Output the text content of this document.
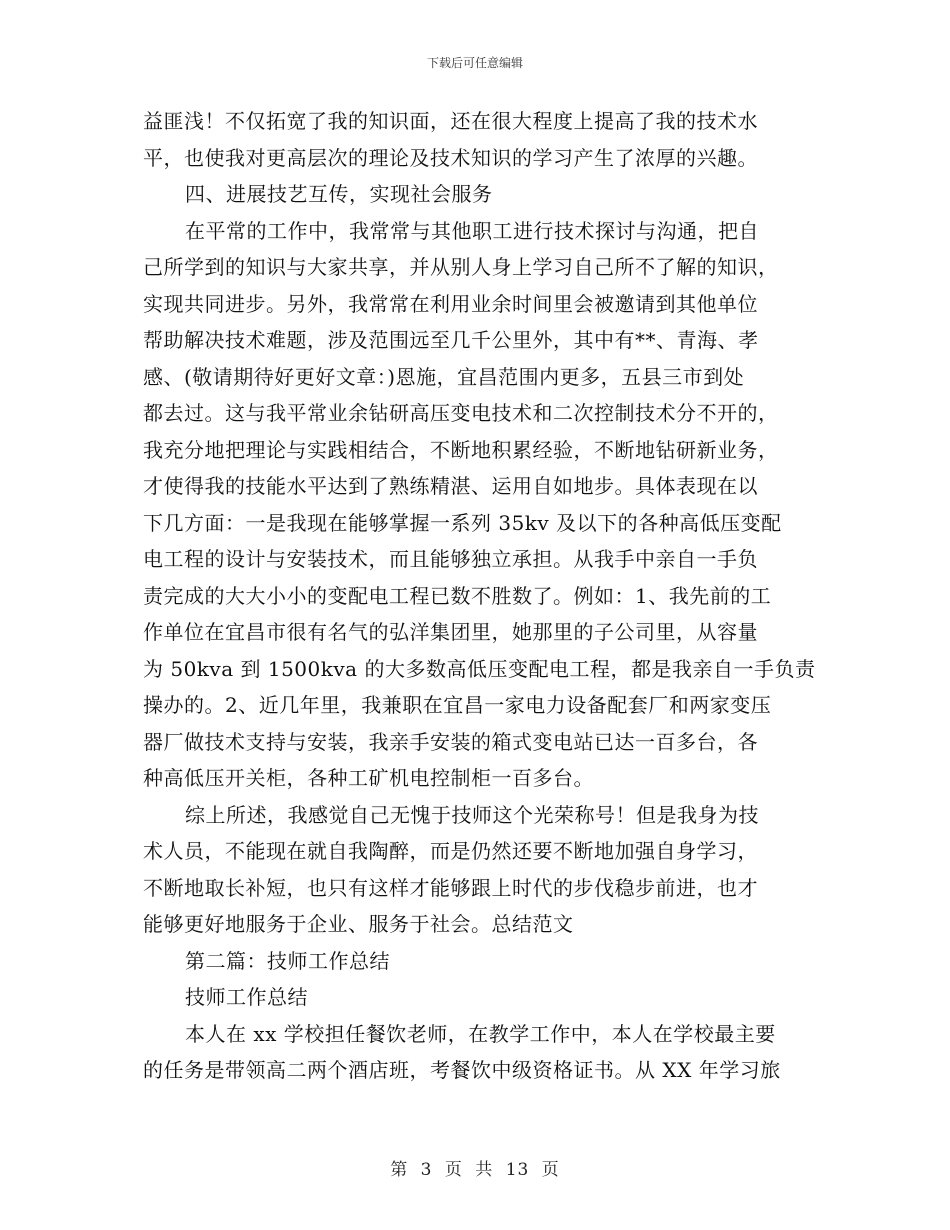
下载后可任意编辑
益匪浅！不仅拓宽了我的知识面，还在很大程度上提高了我的技术水
平，也使我对更高层次的理论及技术知识的学习产生了浓厚的兴趣。
四、进展技艺互传，实现社会服务
在平常的工作中，我常常与其他职工进行技术探讨与沟通，把自
己所学到的知识与大家共享，并从别人身上学习自己所不了解的知识，
实现共同进步。另外，我常常在利用业余时间里会被邀请到其他单位
帮助解决技术难题，涉及范围远至几千公里外，其中有**、青海、孝
感、(敬请期待好更好文章：)恩施，宜昌范围内更多，五县三市到处
都去过。这与我平常业余钻研高压变电技术和二次控制技术分不开的，
我充分地把理论与实践相结合，不断地积累经验，不断地钻研新业务，
才使得我的技能水平达到了熟练精湛、运用自如地步。具体表现在以
下几方面：一是我现在能够掌握一系列 35kv 及以下的各种高低压变配
电工程的设计与安装技术，而且能够独立承担。从我手中亲自一手负
责完成的大大小小的变配电工程已数不胜数了。例如：1、我先前的工
作单位在宜昌市很有名气的弘洋集团里，她那里的子公司里，从容量
为 50kva 到 1500kva 的大多数高低压变配电工程，都是我亲自一手负责
操办的。2、近几年里，我兼职在宜昌一家电力设备配套厂和两家变压
器厂做技术支持与安装，我亲手安装的箱式变电站已达一百多台，各
种高低压开关柜，各种工矿机电控制柜一百多台。
综上所述，我感觉自己无愧于技师这个光荣称号！但是我身为技
术人员，不能现在就自我陶醉，而是仍然还要不断地加强自身学习，
不断地取长补短，也只有这样才能够跟上时代的步伐稳步前进，也才
能够更好地服务于企业、服务于社会。总结范文
第二篇：技师工作总结
技师工作总结
本人在 xx 学校担任餐饮老师，在教学工作中，本人在学校最主要
的任务是带领高二两个酒店班，考餐饮中级资格证书。从 XX 年学习旅
第 3 页 共 13 页
